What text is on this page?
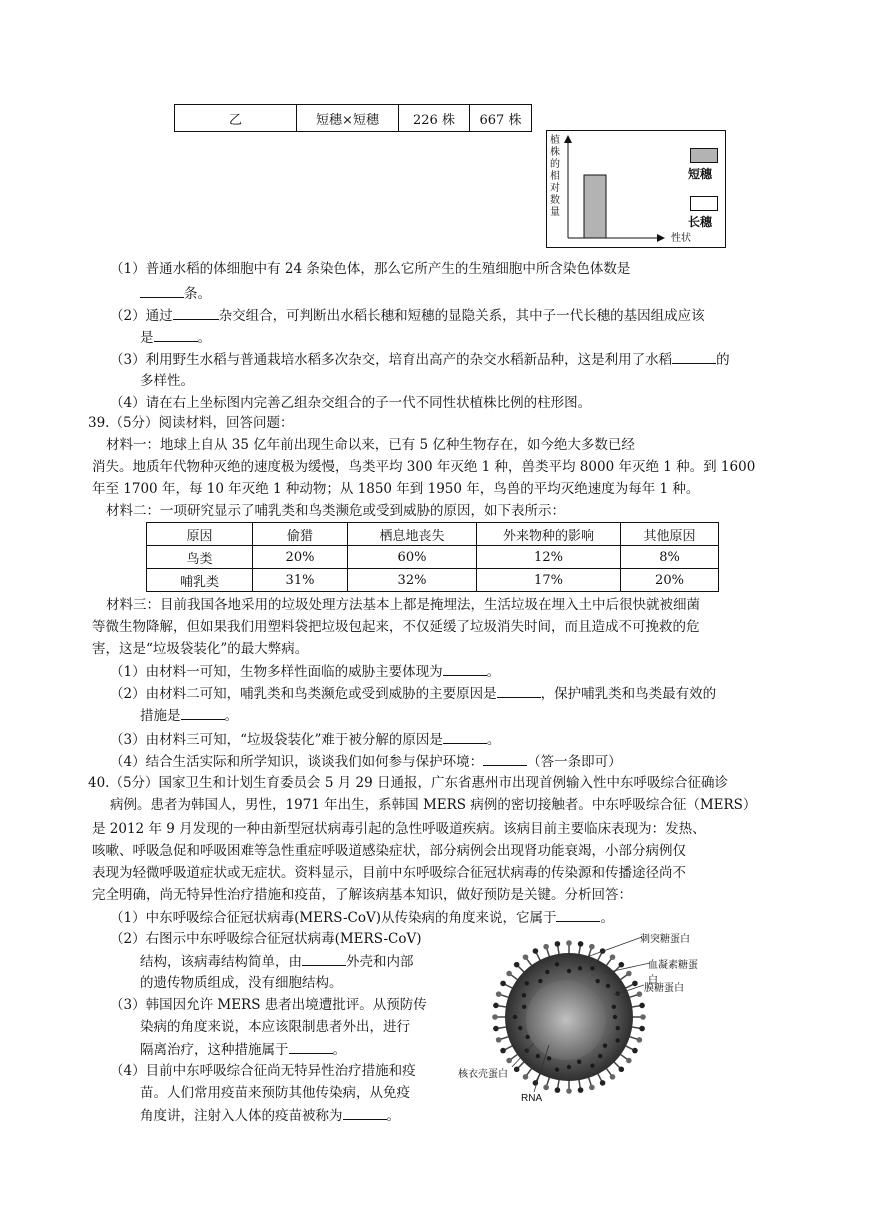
乙	短穗×短穗	226 株	667 株
植
株
的
相
对
数
量
性状
短穗
长穗
（1）普通水稻的体细胞中有 24 条染色体，那么它所产生的生殖细胞中所含染色体数是
条。
（2）通过	杂交组合，可判断出水稻长穗和短穗的显隐关系，其中子一代长穗的基因组成应该
是	。
（3）利用野生水稻与普通栽培水稻多次杂交，培育出高产的杂交水稻新品种，这是利用了水稻	的
多样性。
（4）请在右上坐标图内完善乙组杂交组合的子一代不同性状植株比例的柱形图。
39.（5分）阅读材料，回答问题：
材料一：地球上自从 35 亿年前出现生命以来，已有 5 亿种生物存在，如今绝大多数已经
消失。地质年代物种灭绝的速度极为缓慢，鸟类平均 300 年灭绝 1 种，兽类平均 8000 年灭绝 1 种。到 1600
年至 1700 年，每 10 年灭绝 1 种动物；从 1850 年到 1950 年，鸟兽的平均灭绝速度为每年 1 种。
材料二：一项研究显示了哺乳类和鸟类濒危或受到威胁的原因，如下表所示：
原因	偷猎	栖息地丧失	外来物种的影响	其他原因
鸟类	20%	60%	12%	8%
哺乳类	31%	32%	17%	20%
材料三：目前我国各地采用的垃圾处理方法基本上都是掩埋法，生活垃圾在埋入土中后很快就被细菌
等微生物降解，但如果我们用塑料袋把垃圾包起来，不仅延缓了垃圾消失时间，而且造成不可挽救的危
害，这是“垃圾袋装化”的最大弊病。
（1）由材料一可知，生物多样性面临的威胁主要体现为	。
（2）由材料二可知，哺乳类和鸟类濒危或受到威胁的主要原因是	，保护哺乳类和鸟类最有效的
措施是	。
（3）由材料三可知，“垃圾袋装化”难于被分解的原因是	。
（4）结合生活实际和所学知识，谈谈我们如何参与保护环境：	（答一条即可）
40.（5分）国家卫生和计划生育委员会 5 月 29 日通报，广东省惠州市出现首例输入性中东呼吸综合征确诊
病例。患者为韩国人，男性，1971 年出生，系韩国 MERS 病例的密切接触者。中东呼吸综合征（MERS）
是 2012 年 9 月发现的一种由新型冠状病毒引起的急性呼吸道疾病。该病目前主要临床表现为：发热、
咳嗽、呼吸急促和呼吸困难等急性重症呼吸道感染症状，部分病例会出现肾功能衰竭，小部分病例仅
表现为轻微呼吸道症状或无症状。资料显示，目前中东呼吸综合征冠状病毒的传染源和传播途径尚不
完全明确，尚无特异性治疗措施和疫苗，了解该病基本知识，做好预防是关键。分析回答：
（1）中东呼吸综合征冠状病毒(MERS-CoV)从传染病的角度来说，它属于	。
（2）右图示中东呼吸综合征冠状病毒(MERS-CoV)
结构，该病毒结构简单，由	外壳和内部
的遗传物质组成，没有细胞结构。
（3）韩国因允许 MERS 患者出境遭批评。从预防传
染病的角度来说，本应该限制患者外出，进行
隔离治疗，这种措施属于	。
（4）目前中东呼吸综合征尚无特异性治疗措施和疫
苗。人们常用疫苗来预防其他传染病，从免疫
角度讲，注射入人体的疫苗被称为	。
刺突糖蛋白
血凝素糖蛋白
膜糖蛋白
核衣壳蛋白
RNA
